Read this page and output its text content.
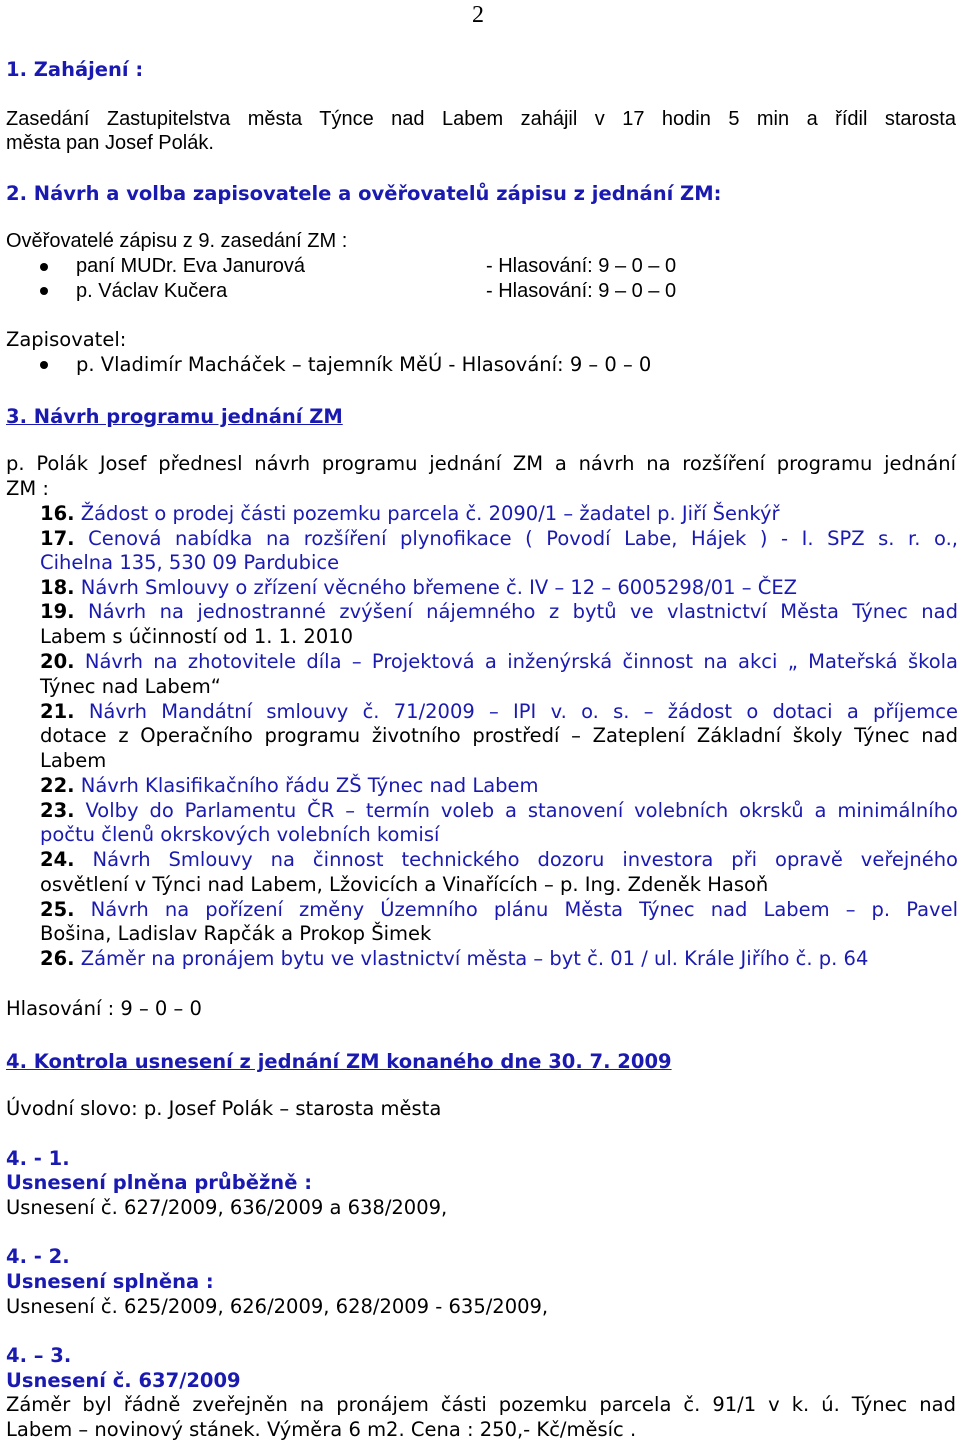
2
1. Zahájení :
Zasedání Zastupitelstva města Týnce nad Labem zahájil v 17 hodin 5 min a řídil starosta
města pan Josef Polák.
2. Návrh a volba zapisovatele a ověřovatelů zápisu z jednání ZM:
Ověřovatelé zápisu z 9. zasedání ZM :
paní MUDr. Eva Janurová	- Hlasování: 9 – 0 – 0
p. Václav Kučera	- Hlasování: 9 – 0 – 0
Zapisovatel:
p. Vladimír Macháček – tajemník MěÚ - Hlasování: 9 – 0 – 0
3. Návrh programu jednání ZM
p. Polák Josef přednesl návrh programu jednání ZM a návrh na rozšíření programu jednání
ZM :
16. Žádost o prodej části pozemku parcela č. 2090/1 – žadatel p. Jiří Šenkýř
17. Cenová nabídka na rozšíření plynofikace ( Povodí Labe, Hájek ) - I. SPZ s. r. o.,
Cihelna 135, 530 09 Pardubice
18. Návrh Smlouvy o zřízení věcného břemene č. IV – 12 – 6005298/01 – ČEZ
19. Návrh na jednostranné zvýšení nájemného z bytů ve vlastnictví Města Týnec nad
Labem s účinností od 1. 1. 2010
20. Návrh na zhotovitele díla – Projektová a inženýrská činnost na akci „ Mateřská škola
Týnec nad Labem“
21. Návrh Mandátní smlouvy č. 71/2009 – IPI v. o. s. – žádost o dotaci a příjemce
dotace z Operačního programu životního prostředí – Zateplení Základní školy Týnec nad
Labem
22. Návrh Klasifikačního řádu ZŠ Týnec nad Labem
23. Volby do Parlamentu ČR – termín voleb a stanovení volebních okrsků a minimálního
počtu členů okrskových volebních komisí
24. Návrh Smlouvy na činnost technického dozoru investora při opravě veřejného
osvětlení v Týnci nad Labem, Lžovicích a Vinařících – p. Ing. Zdeněk Hasoň
25. Návrh na pořízení změny Územního plánu Města Týnec nad Labem – p. Pavel
Bošina, Ladislav Rapčák a Prokop Šimek
26. Záměr na pronájem bytu ve vlastnictví města – byt č. 01 / ul. Krále Jiřího č. p. 64
Hlasování : 9 – 0 – 0
4. Kontrola usnesení z jednání ZM konaného dne 30. 7. 2009
Úvodní slovo: p. Josef Polák – starosta města
4. - 1.
Usnesení plněna průběžně :
Usnesení č. 627/2009, 636/2009 a 638/2009,
4. - 2.
Usnesení splněna :
Usnesení č. 625/2009, 626/2009, 628/2009 - 635/2009,
4. – 3.
Usnesení č. 637/2009
Záměr byl řádně zveřejněn na pronájem části pozemku parcela č. 91/1 v k. ú. Týnec nad
Labem – novinový stánek. Výměra 6 m2. Cena : 250,- Kč/měsíc .
